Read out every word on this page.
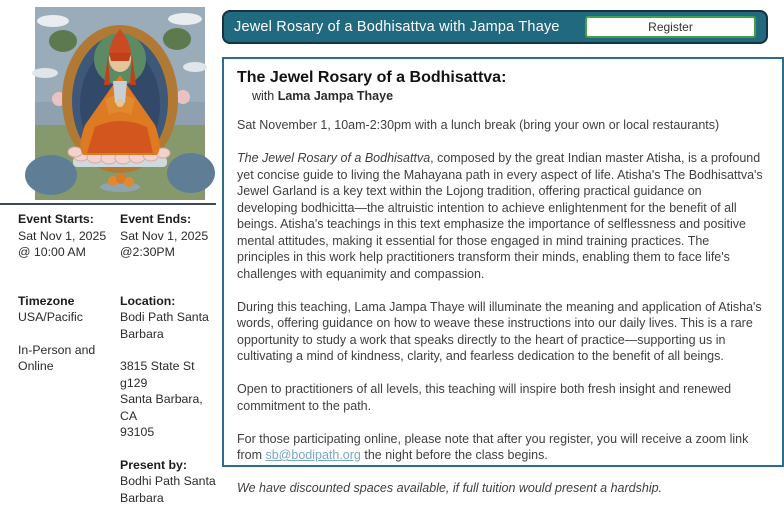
Event Starts:
Sat Nov 1, 2025
@ 10:00 AM
Timezone
USA/Pacific
In-Person and Online
Event Ends:
Sat Nov 1, 2025
@2:30PM
Location:
Bodi Path Santa Barbara
3815 State St g129
Santa Barbara, CA
93105
Present by:
Bodhi Path Santa Barbara
Jewel Rosary of a Bodhisattva with Jampa Thaye	Register
The Jewel Rosary of a Bodhisattva:
with Lama Jampa Thaye
Sat November 1, 10am-2:30pm with a lunch break (bring your own or local restaurants)

The Jewel Rosary of a Bodhisattva, composed by the great Indian master Atisha, is a profound yet concise guide to living the Mahayana path in every aspect of life. Atisha's The Bodhisattva's Jewel Garland is a key text within the Lojong tradition, offering practical guidance on developing bodhicitta—the altruistic intention to achieve enlightenment for the benefit of all beings. Atisha's teachings in this text emphasize the importance of selflessness and positive mental attitudes, making it essential for those engaged in mind training practices. The principles in this work help practitioners transform their minds, enabling them to face life's challenges with equanimity and compassion.

During this teaching, Lama Jampa Thaye will illuminate the meaning and application of Atisha's words, offering guidance on how to weave these instructions into our daily lives. This is a rare opportunity to study a work that speaks directly to the heart of practice—supporting us in cultivating a mind of kindness, clarity, and fearless dedication to the benefit of all beings.

Open to practitioners of all levels, this teaching will inspire both fresh insight and renewed commitment to the path.

For those participating online, please note that after you register, you will receive a zoom link from sb@bodipath.org the night before the class begins.

We have discounted spaces available, if full tuition would present a hardship.
